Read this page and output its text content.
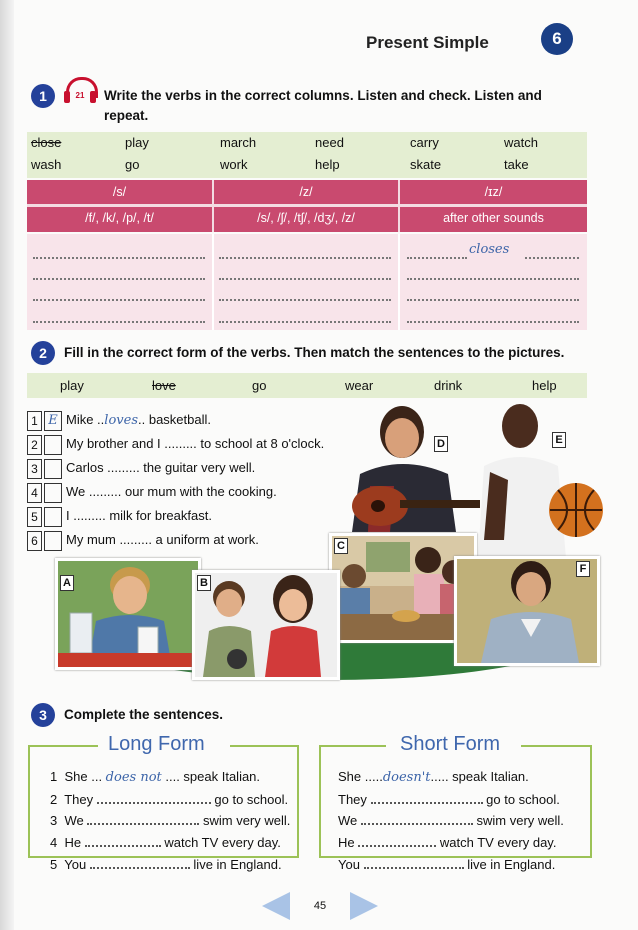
Present Simple	6
1	21	Write the verbs in the correct columns. Listen and check. Listen and
repeat.
close	play	march	need	carry	watch
wash	go	work	help	skate	take
/s/	/z/	/ɪz/
/f/, /k/, /p/, /t/	/s/, /ʃ/, /tʃ/, /dʒ/, /z/	after other sounds
closes
2	Fill in the correct form of the verbs. Then match the sentences to the pictures.
play	love	go	wear	drink	help
1 E Mike ..loves.. basketball.
2 My brother and I ......... to school at 8 o'clock.
3 Carlos ......... the guitar very well.
4 We ......... our mum with the cooking.
5 I ......... milk for breakfast.
6 My mum ......... a uniform at work.
D	E
C
F
A	B
3	Complete the sentences.
Long Form
1 She ... does not .... speak Italian.
2 They	go to school.
3 We	swim very well.
4 He	watch TV every day.
5 You	live in England.
Short Form
She .....doesn't..... speak Italian.
They	go to school.
We	swim very well.
He	watch TV every day.
You	live in England.
45
